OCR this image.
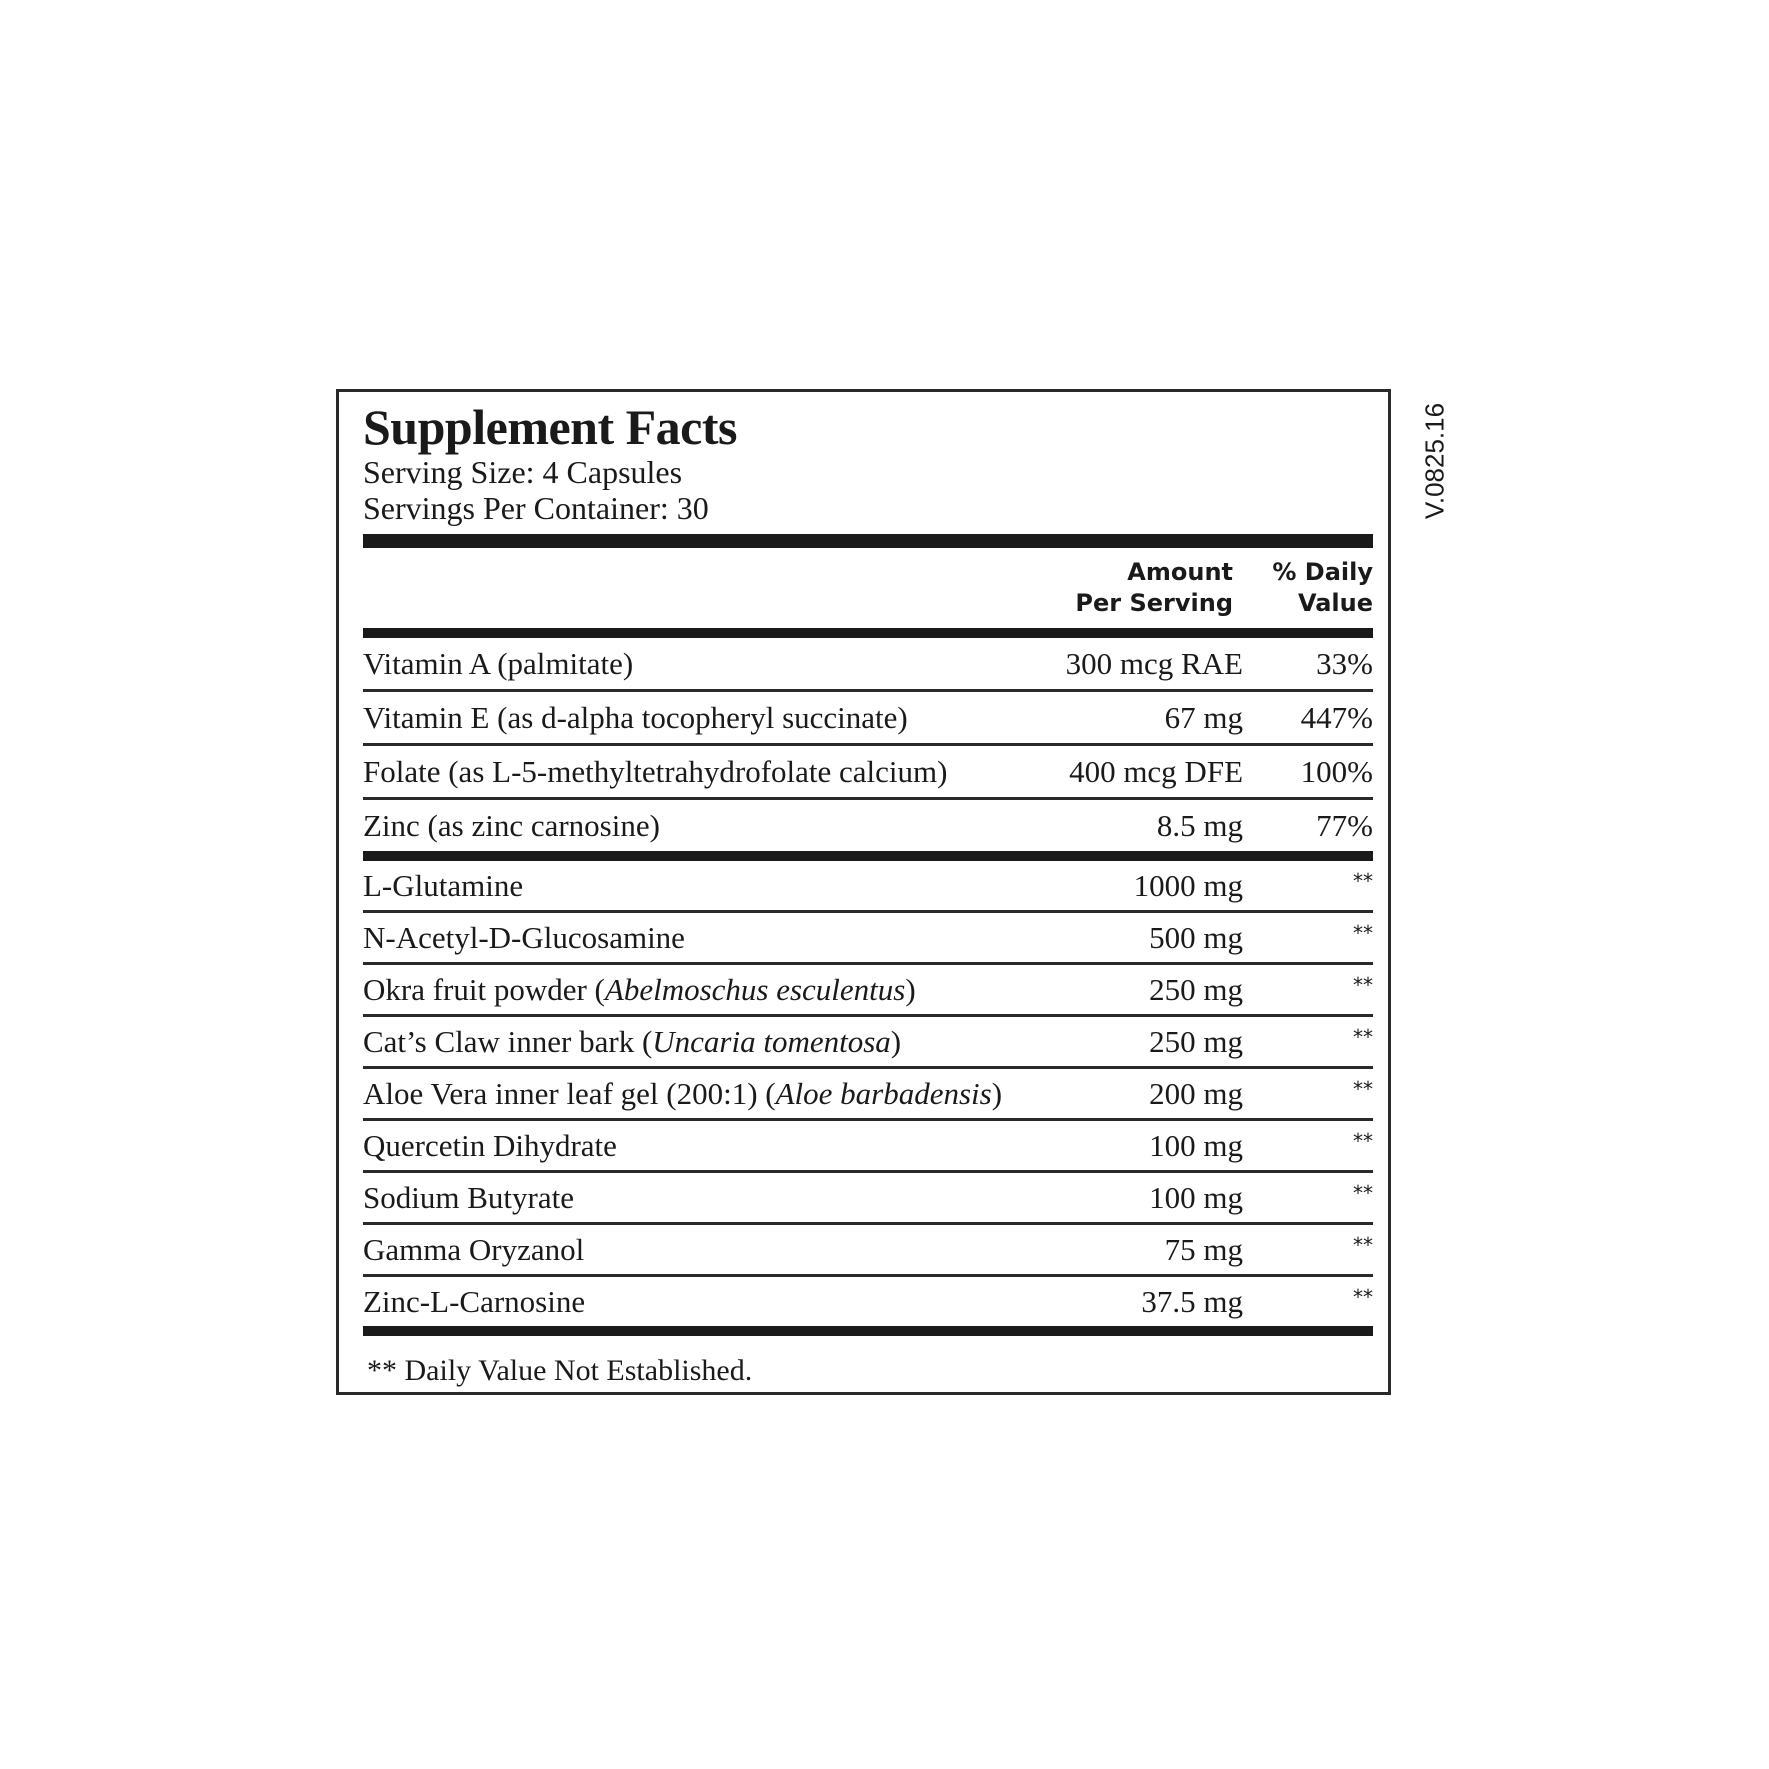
Supplement Facts

Serving Size: 4 Capsules

Servings Per Container: 30

Amount
Per Serving
% Daily
Value
Vitamin A (palmitate)	300 mcg RAE	33%
Vitamin E (as d-alpha tocopheryl succinate)	67 mg	447%
Folate (as L-5-methyltetrahydrofolate calcium)	400 mcg DFE	100%
Zinc (as zinc carnosine)	8.5 mg	77%
L-Glutamine	1000 mg	**
N-Acetyl-D-Glucosamine	500 mg	**
Okra fruit powder (Abelmoschus esculentus)	250 mg	**
Cat’s Claw inner bark (Uncaria tomentosa)	250 mg	**
Aloe Vera inner leaf gel (200:1) (Aloe barbadensis)	200 mg	**
Quercetin Dihydrate	100 mg	**
Sodium Butyrate	100 mg	**
Gamma Oryzanol	75 mg	**
Zinc-L-Carnosine	37.5 mg	**
** Daily Value Not Established.
V.0825.16
